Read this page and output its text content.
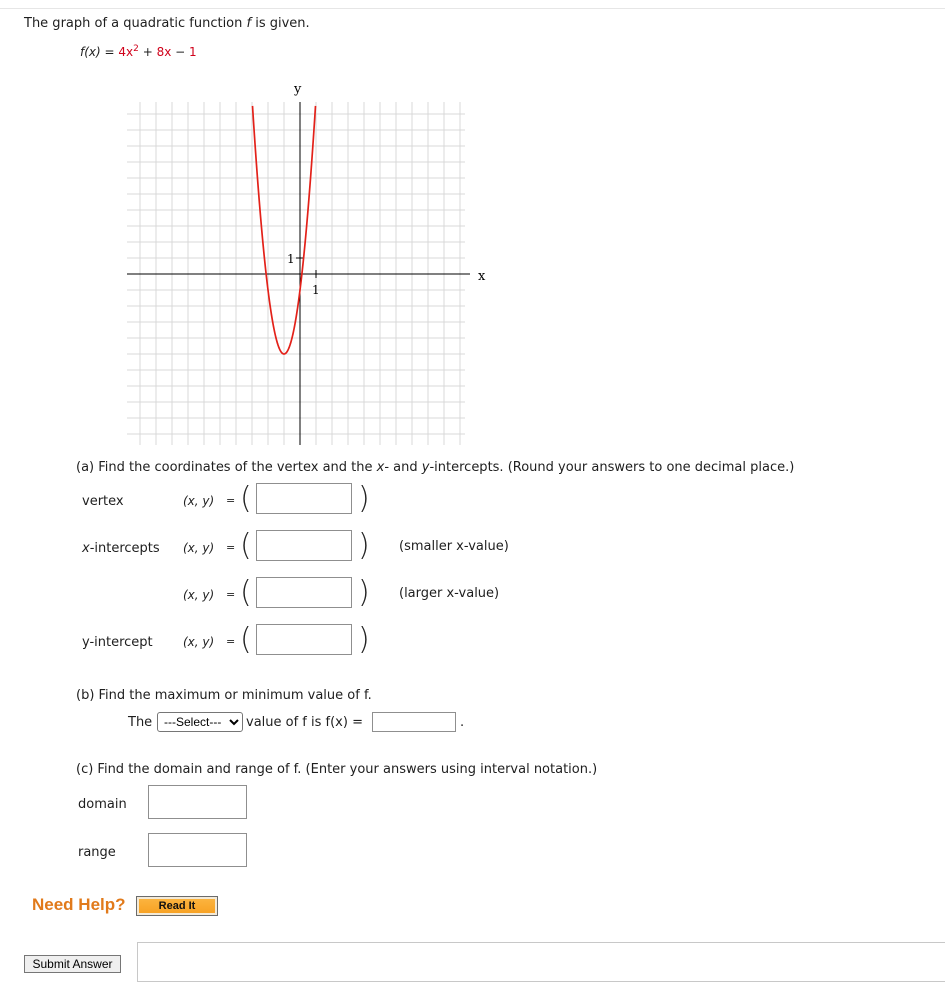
The graph of a quadratic function f is given.
$f(x) = 4x^2 + 8x - 1$
y
x
1
1
(a) Find the coordinates of the vertex and the x- and y-intercepts. (Round your answers to one decimal place.)
vertex	(x, y) = (	)
x-intercepts (x, y) = (	) (smaller x-value)
(x, y) = (	) (larger x-value)
y-intercept	(x, y) = (	)
(b) Find the maximum or minimum value of f.
The
---Select---	value of f is f(x) =	.
(c) Find the domain and range of f. (Enter your answers using interval notation.)
domain
range
Need Help?	Read It
Submit Answer
